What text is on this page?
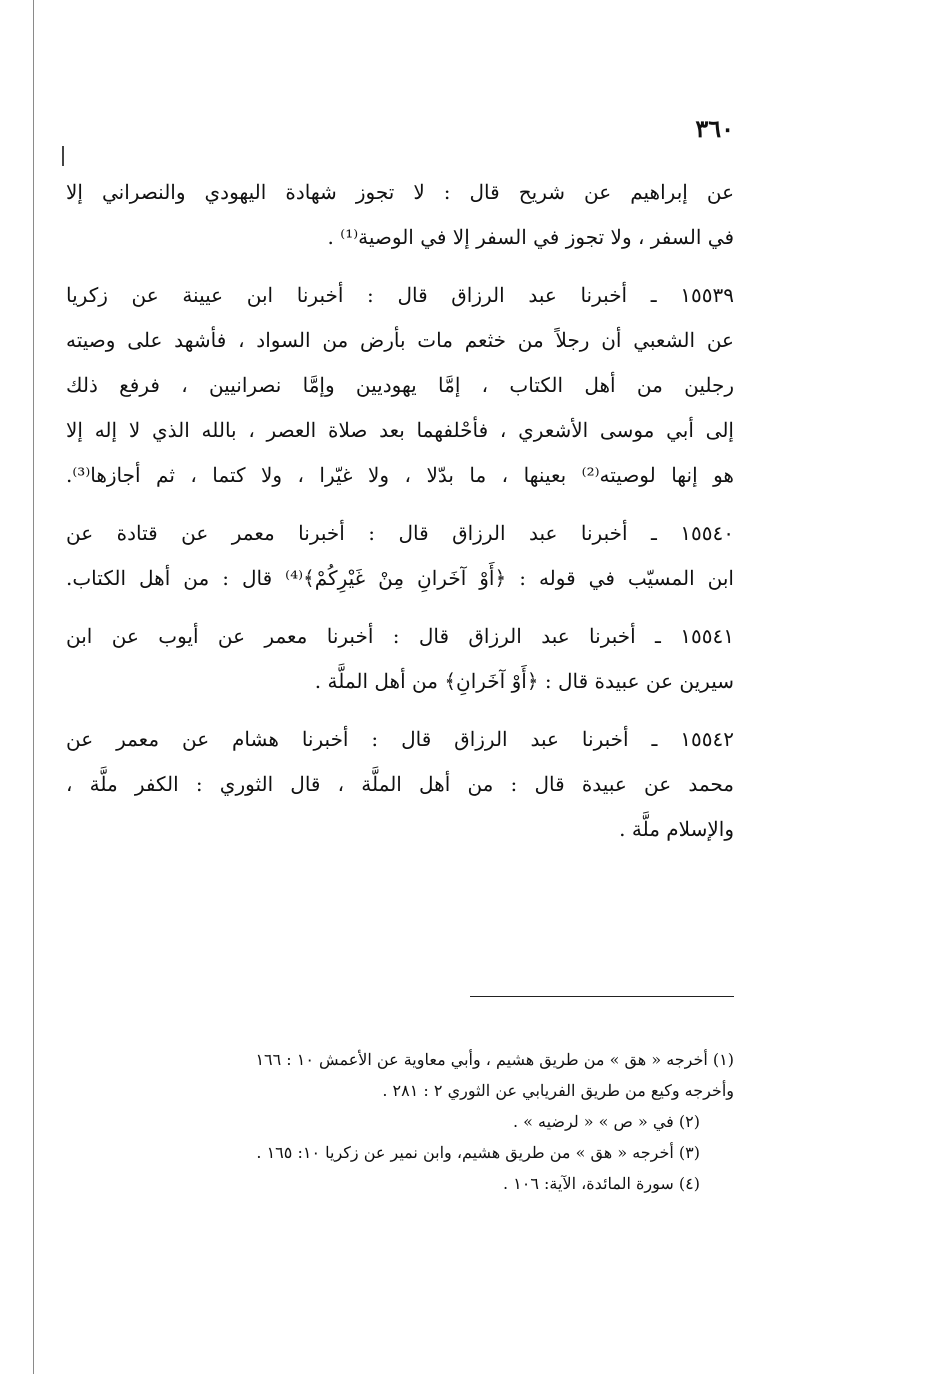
٣٦٠
عن إبراهيم عن شريح قال : لا تجوز شهادة اليهودي والنصراني إلا
في السفر ، ولا تجوز في السفر إلا في الوصية⁽¹⁾ .
١٥٥٣٩ ـ أخبرنا عبد الرزاق قال : أخبرنا ابن عيينة عن زكريا
عن الشعبي أن رجلاً من خثعم مات بأرض من السواد ، فأشهد على وصيته
رجلين من أهل الكتاب ، إمَّا يهوديين وإمَّا نصرانيين ، فرفع ذلك
إلى أبي موسى الأشعري ، فأحْلفهما بعد صلاة العصر ، بالله الذي لا إله إلا
هو إنها لوصيته⁽²⁾ بعينها ، ما بدّلا ، ولا غيّرا ، ولا كتما ، ثم أجازها⁽³⁾.
١٥٥٤٠ ـ أخبرنا عبد الرزاق قال : أخبرنا معمر عن قتادة عن
ابن المسيّب في قوله : ﴿أَوْ آخَرانِ مِنْ غَيْرِكُمْ﴾⁽⁴⁾ قال : من أهل الكتاب.
١٥٥٤١ ـ أخبرنا عبد الرزاق قال : أخبرنا معمر عن أيوب عن ابن
سيرين عن عبيدة قال : ﴿أَوْ آخَرانِ﴾ من أهل الملَّة .
١٥٥٤٢ ـ أخبرنا عبد الرزاق قال : أخبرنا هشام عن معمر عن
محمد عن عبيدة قال : من أهل الملَّة ، قال الثوري : الكفر ملَّة ،
والإسلام ملَّة .
(١) أخرجه « هق » من طريق هشيم ، وأبي معاوية عن الأعمش ١٠ : ١٦٦
وأخرجه وكيع من طريق الفريابي عن الثوري ٢ : ٢٨١ .
(٢) في « ص » « لرضيه » .
(٣) أخرجه « هق » من طريق هشيم، وابن نمير عن زكريا ١٠: ١٦٥ .
(٤) سورة المائدة، الآية: ١٠٦ .
